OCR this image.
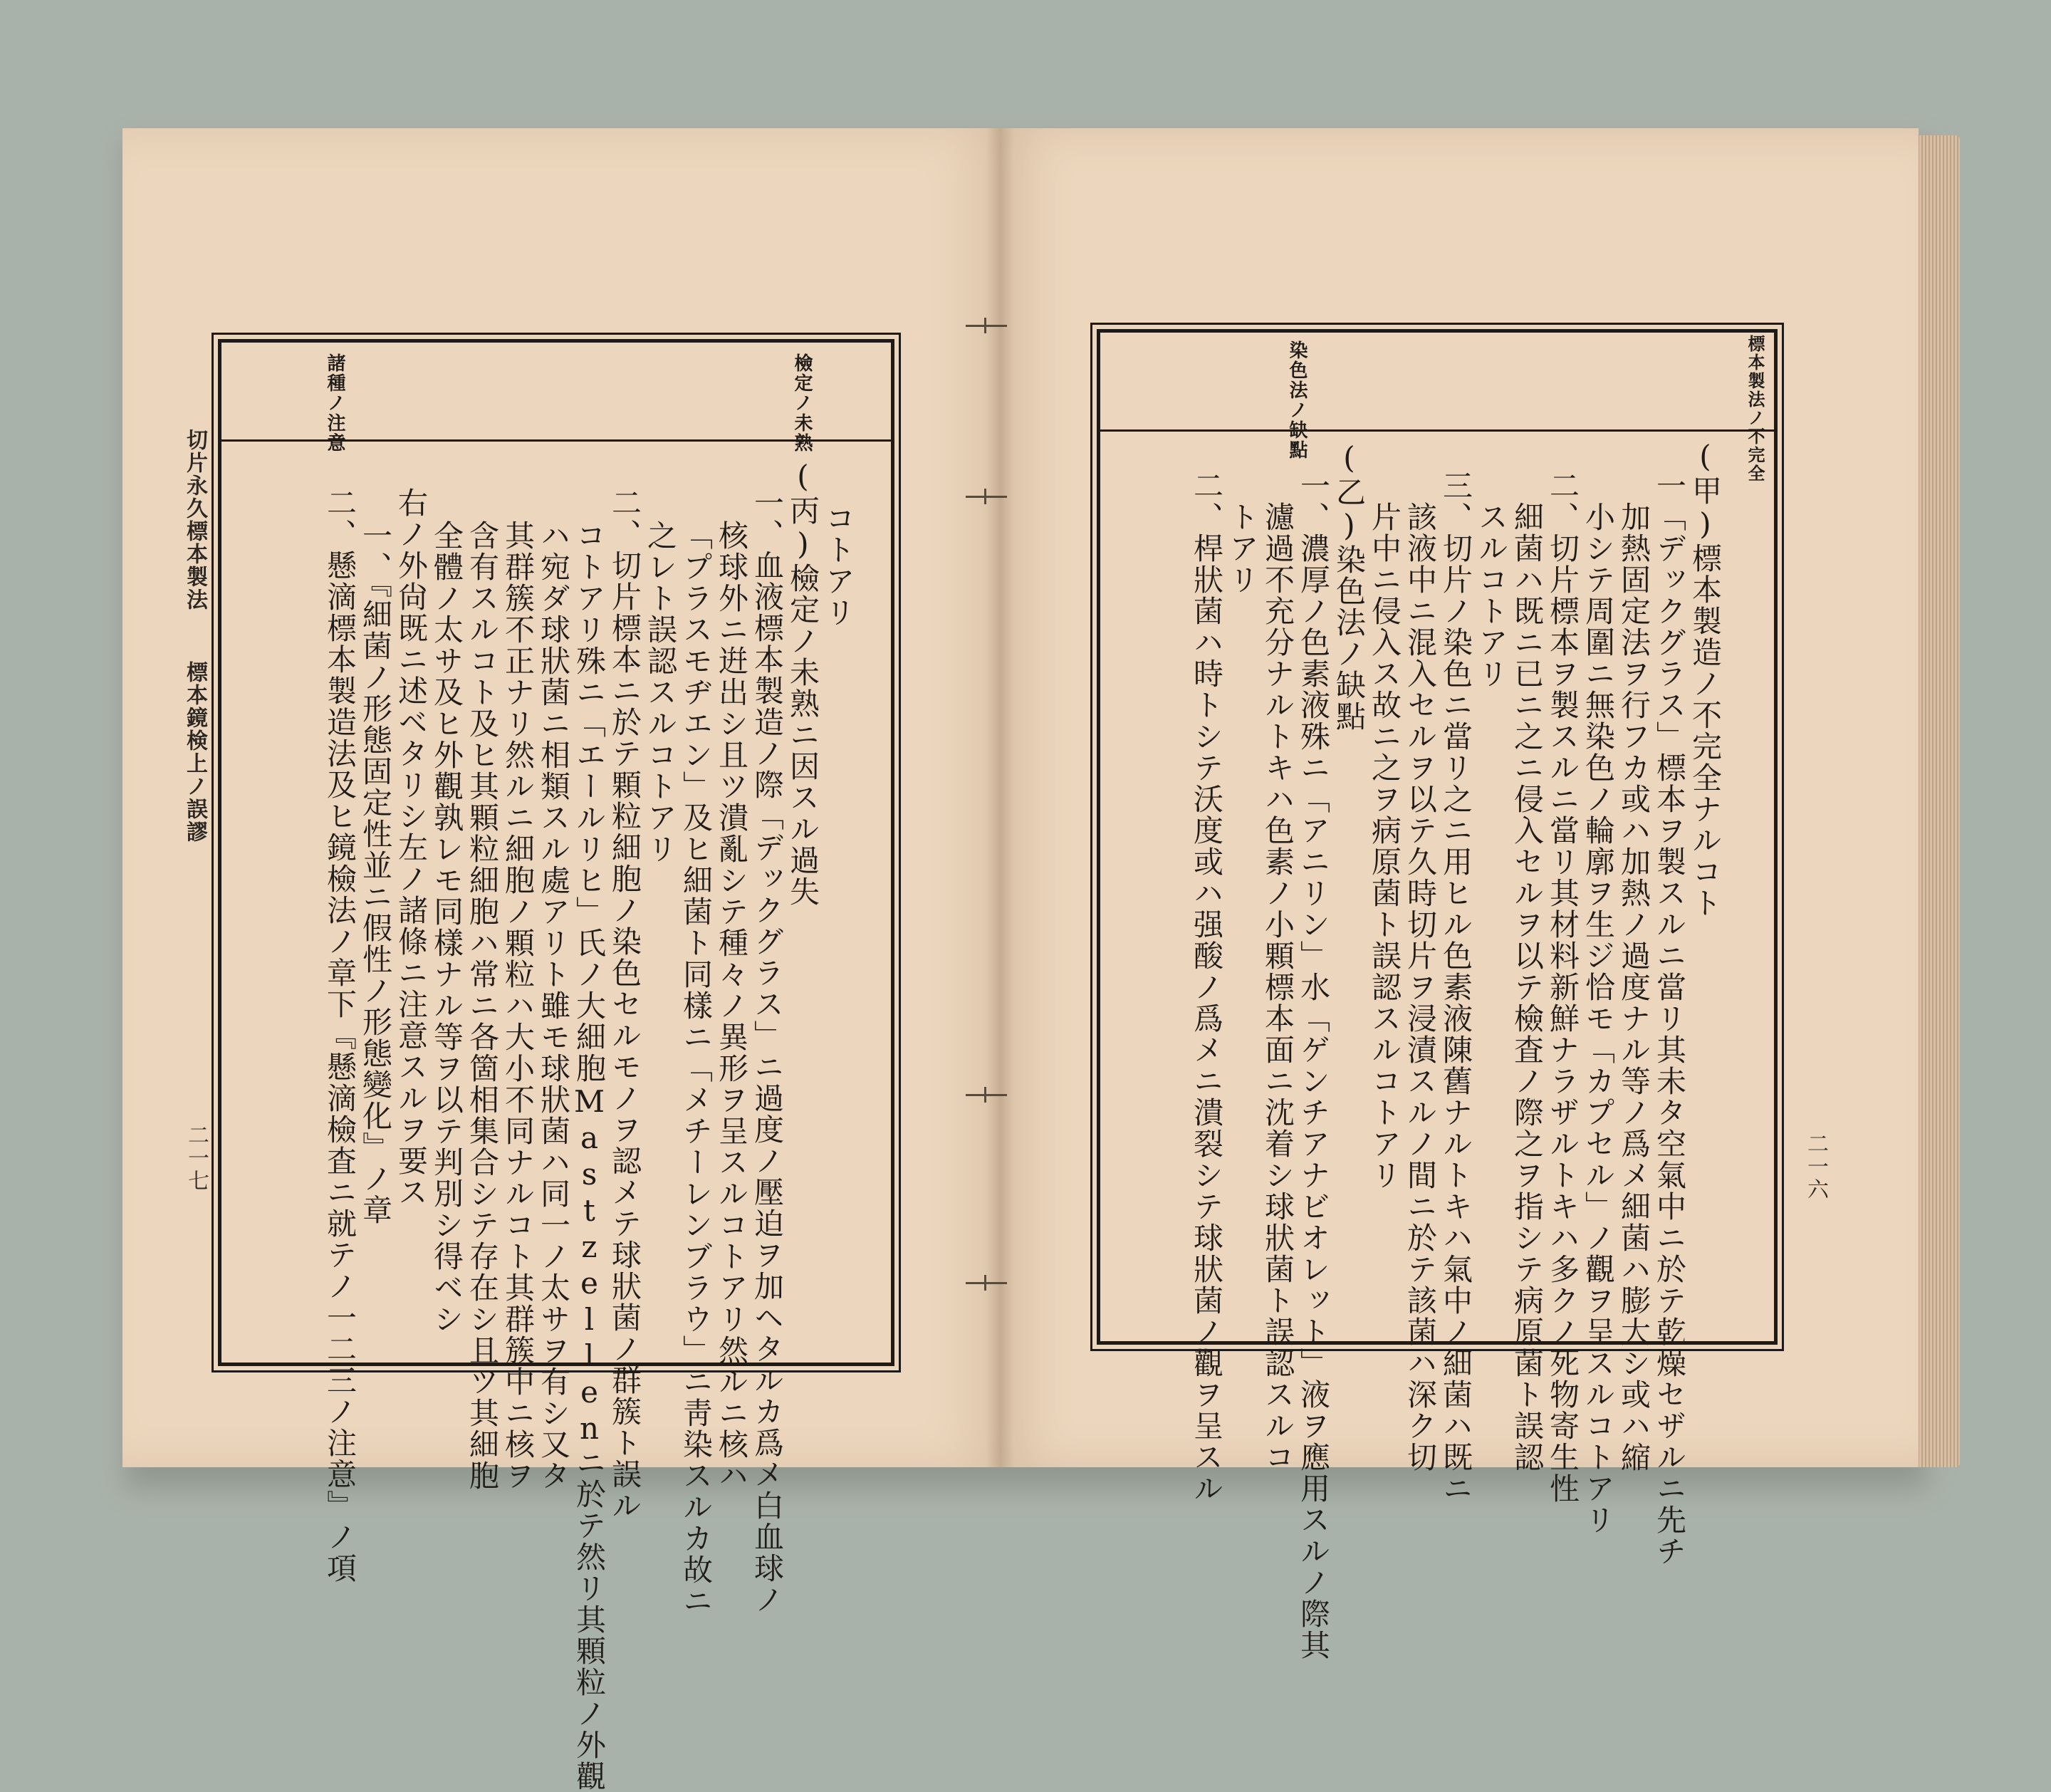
切片永久標本製法
標本鏡検上ノ誤謬
二一七
檢定ノ未熟
諸種ノ注意
コトアリ
(丙)檢定ノ未熟ニ因スル過失
一、血液標本製造ノ際「デックグラス」ニ過度ノ壓迫ヲ加ヘタルカ爲メ白血球ノ
核球外ニ逬出シ且ツ潰亂シテ種々ノ異形ヲ呈スルコトアリ然ルニ核ハ
「プラスモヂエン」及ヒ細菌ト同樣ニ「メチーレンブラウ」ニ靑染スルカ故ニ
之レト誤認スルコトアリ
二、切片標本ニ於テ顆粒細胞ノ染色セルモノヲ認メテ球狀菌ノ群簇ト誤ル
コトアリ殊ニ「エールリヒ」氏ノ大細胞Mastzellenニ於テ然リ其顆粒ノ外觀
ハ宛ダ球狀菌ニ相類スル處アリト雖モ球狀菌ハ同一ノ太サヲ有シ又タ
其群簇不正ナリ然ルニ細胞ノ顆粒ハ大小不同ナルコト其群簇中ニ核ヲ
含有スルコト及ヒ其顆粒細胞ハ常ニ各箇相集合シテ存在シ且ツ其細胞
全體ノ太サ及ヒ外觀孰レモ同樣ナル等ヲ以テ判別シ得ベシ
右ノ外尙既ニ述ベタリシ左ノ諸條ニ注意スルヲ要ス
一、『細菌ノ形態固定性並ニ假性ノ形態變化』ノ章
二、懸滴標本製造法及ヒ鏡檢法ノ章下『懸滴檢査ニ就テノ一二三ノ注意』ノ項	二一六
標本製法ノ不完全
染色法ノ缺點
(甲)標本製造ノ不完全ナルコト
一「デックグラス」標本ヲ製スルニ當リ其未タ空氣中ニ於テ乾燥セザルニ先チ
加熱固定法ヲ行フカ或ハ加熱ノ過度ナル等ノ爲メ細菌ハ膨大シ或ハ縮
小シテ周圍ニ無染色ノ輪廓ヲ生ジ恰モ「カプセル」ノ觀ヲ呈スルコトアリ
二、切片標本ヲ製スルニ當リ其材料新鮮ナラザルトキハ多クノ死物寄生性
細菌ハ既ニ已ニ之ニ侵入セルヲ以テ檢査ノ際之ヲ指シテ病原菌ト誤認
スルコトアリ
三、切片ノ染色ニ當リ之ニ用ヒル色素液陳舊ナルトキハ氣中ノ細菌ハ既ニ
該液中ニ混入セルヲ以テ久時切片ヲ浸漬スルノ間ニ於テ該菌ハ深ク切
片中ニ侵入ス故ニ之ヲ病原菌ト誤認スルコトアリ
(乙)染色法ノ缺點
一、濃厚ノ色素液殊ニ「アニリン」水「ゲンチアナビオレット」液ヲ應用スルノ際其
濾過不充分ナルトキハ色素ノ小顆標本面ニ沈着シ球狀菌ト誤認スルコ
トアリ
二、桿狀菌ハ時トシテ沃度或ハ强酸ノ爲メニ潰裂シテ球狀菌ノ觀ヲ呈スル
